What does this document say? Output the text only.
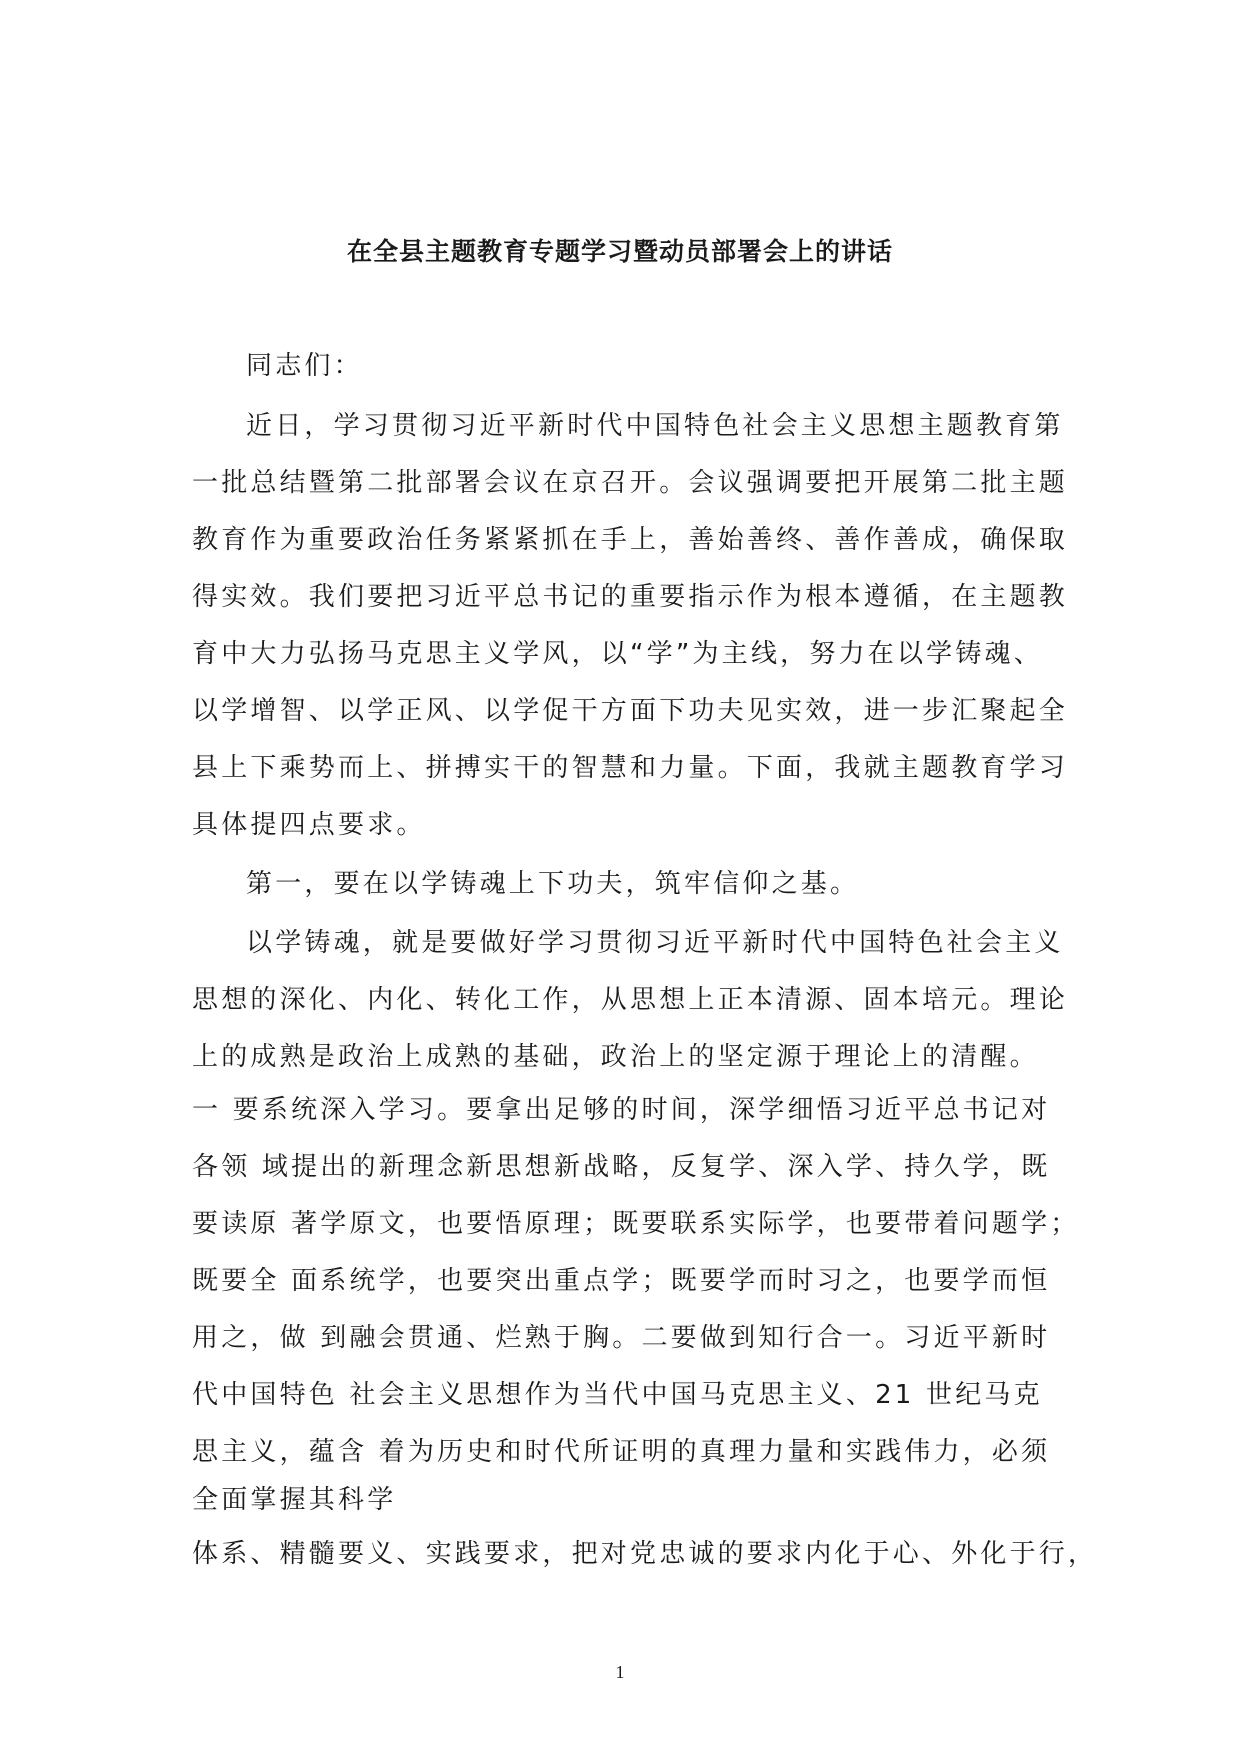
在全县主题教育专题学习暨动员部署会上的讲话
同志们：
近日，学习贯彻习近平新时代中国特色社会主义思想主题教育第
一批总结暨第二批部署会议在京召开。会议强调要把开展第二批主题
教育作为重要政治任务紧紧抓在手上，善始善终、善作善成，确保取
得实效。我们要把习近平总书记的重要指示作为根本遵循，在主题教
育中大力弘扬马克思主义学风，以“学”为主线，努力在以学铸魂、
以学增智、以学正风、以学促干方面下功夫见实效，进一步汇聚起全
县上下乘势而上、拼搏实干的智慧和力量。下面，我就主题教育学习
具体提四点要求。
第一，要在以学铸魂上下功夫，筑牢信仰之基。
以学铸魂，就是要做好学习贯彻习近平新时代中国特色社会主义
思想的深化、内化、转化工作，从思想上正本清源、固本培元。理论
上的成熟是政治上成熟的基础，政治上的坚定源于理论上的清醒。
一 要系统深入学习。要拿出足够的时间，深学细悟习近平总书记对
各领 域提出的新理念新思想新战略，反复学、深入学、持久学，既
要读原 著学原文，也要悟原理；既要联系实际学，也要带着问题学；
既要全 面系统学，也要突出重点学；既要学而时习之，也要学而恒
用之，做 到融会贯通、烂熟于胸。二要做到知行合一。习近平新时
代中国特色 社会主义思想作为当代中国马克思主义、21 世纪马克
思主义，蕴含 着为历史和时代所证明的真理力量和实践伟力，必须
全面掌握其科学
体系、精髓要义、实践要求，把对党忠诚的要求内化于心、外化于行，
1
